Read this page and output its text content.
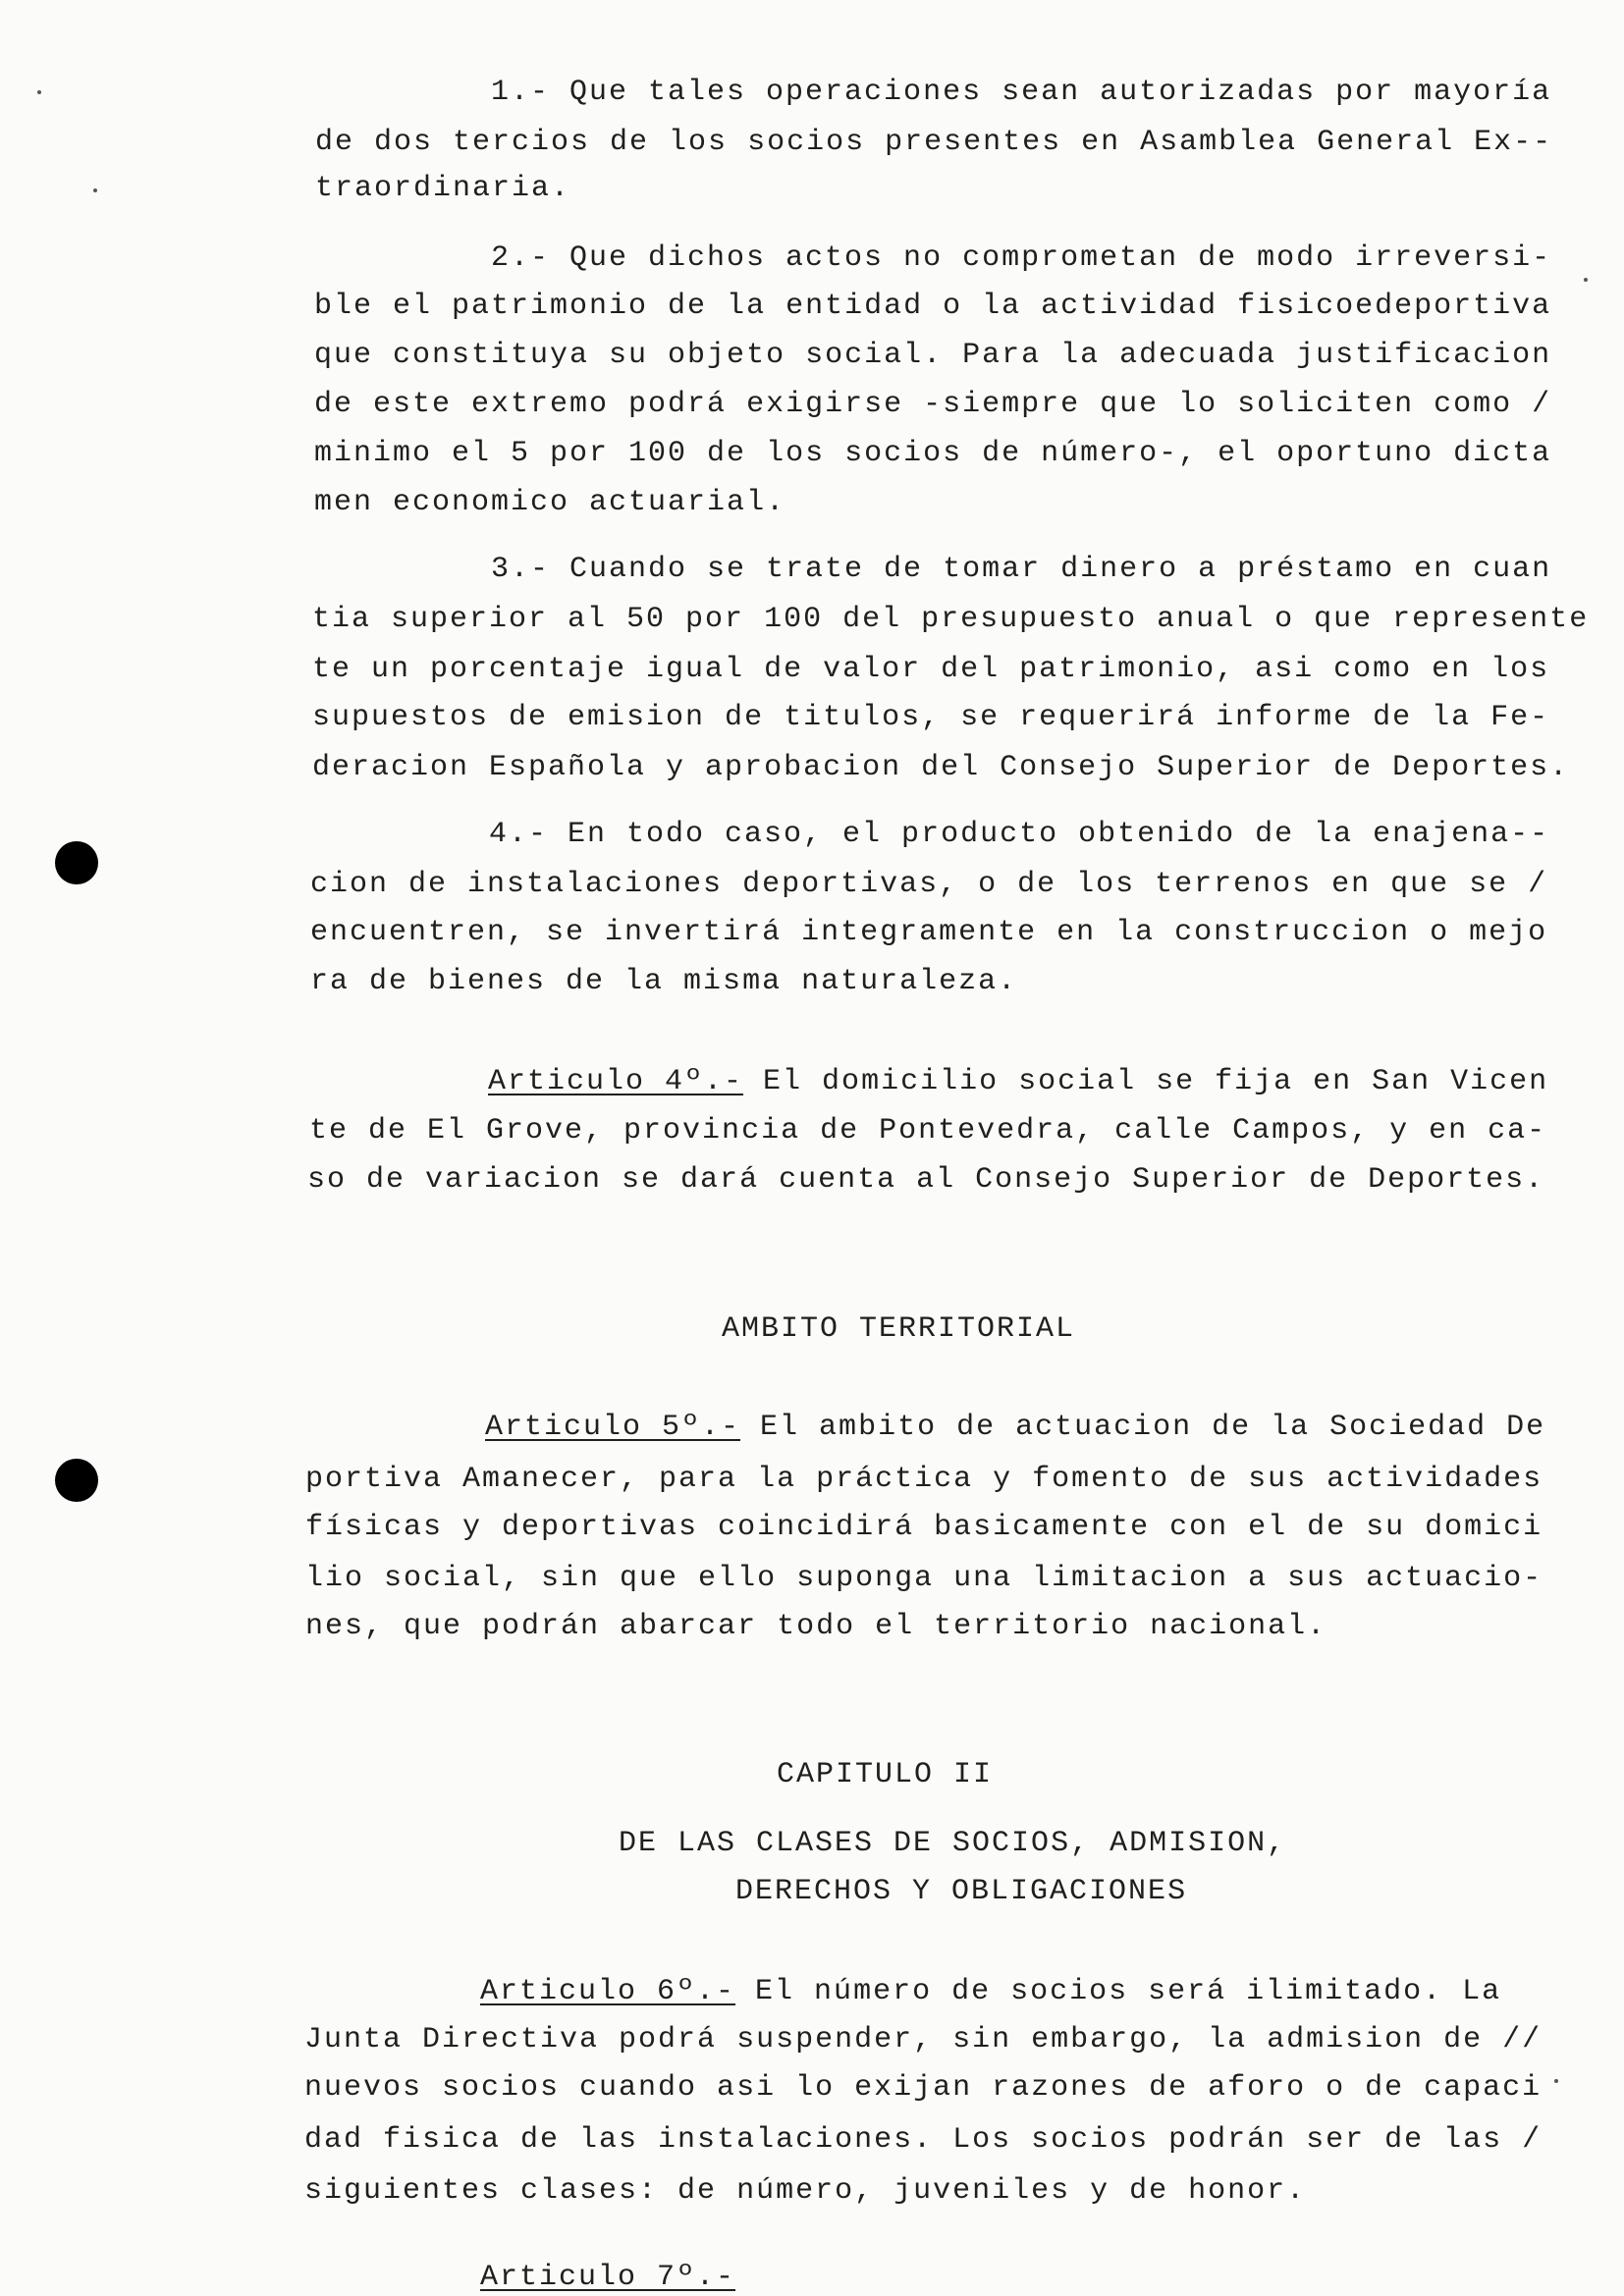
1.- Que tales operaciones sean autorizadas por mayoría
de dos tercios de los socios presentes en Asamblea General Ex--
traordinaria.
2.- Que dichos actos no comprometan de modo irreversi-
ble el patrimonio de la entidad o la actividad fisicoedeportiva
que constituya su objeto social. Para la adecuada justificacion
de este extremo podrá exigirse -siempre que lo soliciten como /
minimo el 5 por 100 de los socios de número-, el oportuno dicta
men economico actuarial.
3.- Cuando se trate de tomar dinero a préstamo en cuan
tia superior al 50 por 100 del presupuesto anual o que represente
te un porcentaje igual de valor del patrimonio, asi como en los
supuestos de emision de titulos, se requerirá informe de la Fe-
deracion Española y aprobacion del Consejo Superior de Deportes.
4.- En todo caso, el producto obtenido de la enajena--
cion de instalaciones deportivas, o de los terrenos en que se /
encuentren, se invertirá integramente en la construccion o mejo
ra de bienes de la misma naturaleza.
Articulo 4º.- El domicilio social se fija en San Vicen
te de El Grove, provincia de Pontevedra, calle Campos, y en ca-
so de variacion se dará cuenta al Consejo Superior de Deportes.
AMBITO TERRITORIAL
Articulo 5º.- El ambito de actuacion de la Sociedad De
portiva Amanecer, para la práctica y fomento de sus actividades
físicas y deportivas coincidirá basicamente con el de su domici
lio social, sin que ello suponga una limitacion a sus actuacio-
nes, que podrán abarcar todo el territorio nacional.
CAPITULO II
DE LAS CLASES DE SOCIOS, ADMISION,
DERECHOS Y OBLIGACIONES
Articulo 6º.- El número de socios será ilimitado. La
Junta Directiva podrá suspender, sin embargo, la admision de //
nuevos socios cuando asi lo exijan razones de aforo o de capaci
dad fisica de las instalaciones. Los socios podrán ser de las /
siguientes clases: de número, juveniles y de honor.
Articulo 7º.-
